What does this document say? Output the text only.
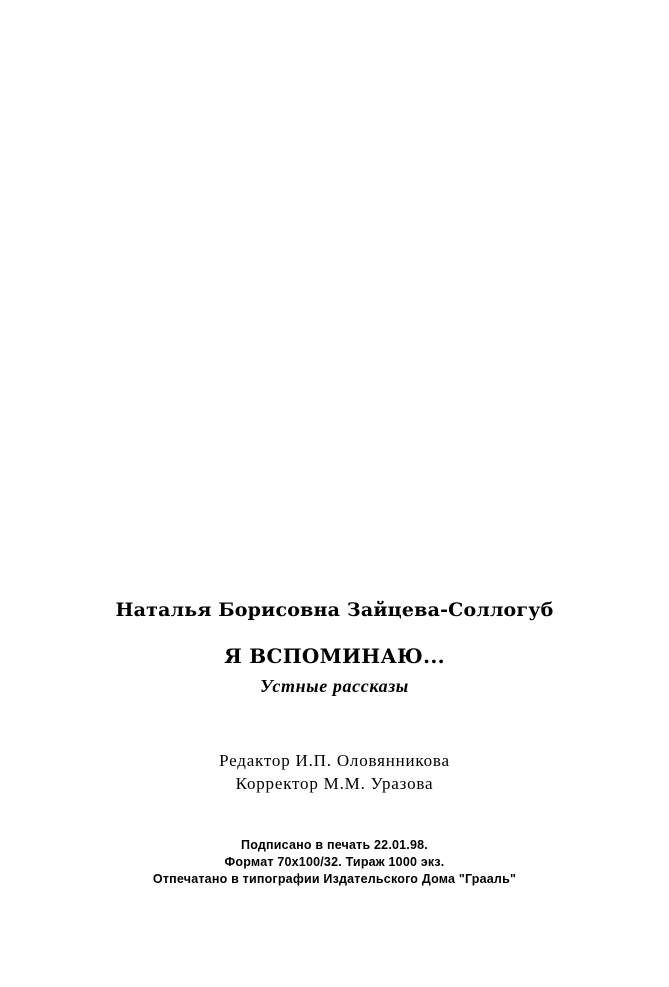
Наталья Борисовна Зайцева-Соллогуб
Я ВСПОМИНАЮ...
Устные рассказы
Редактор И.П. Оловянникова
Корректор М.М. Уразова
Подписано в печать 22.01.98.
Формат 70x100/32. Тираж 1000 экз.
Отпечатано в типографии Издательского Дома "Грааль"
